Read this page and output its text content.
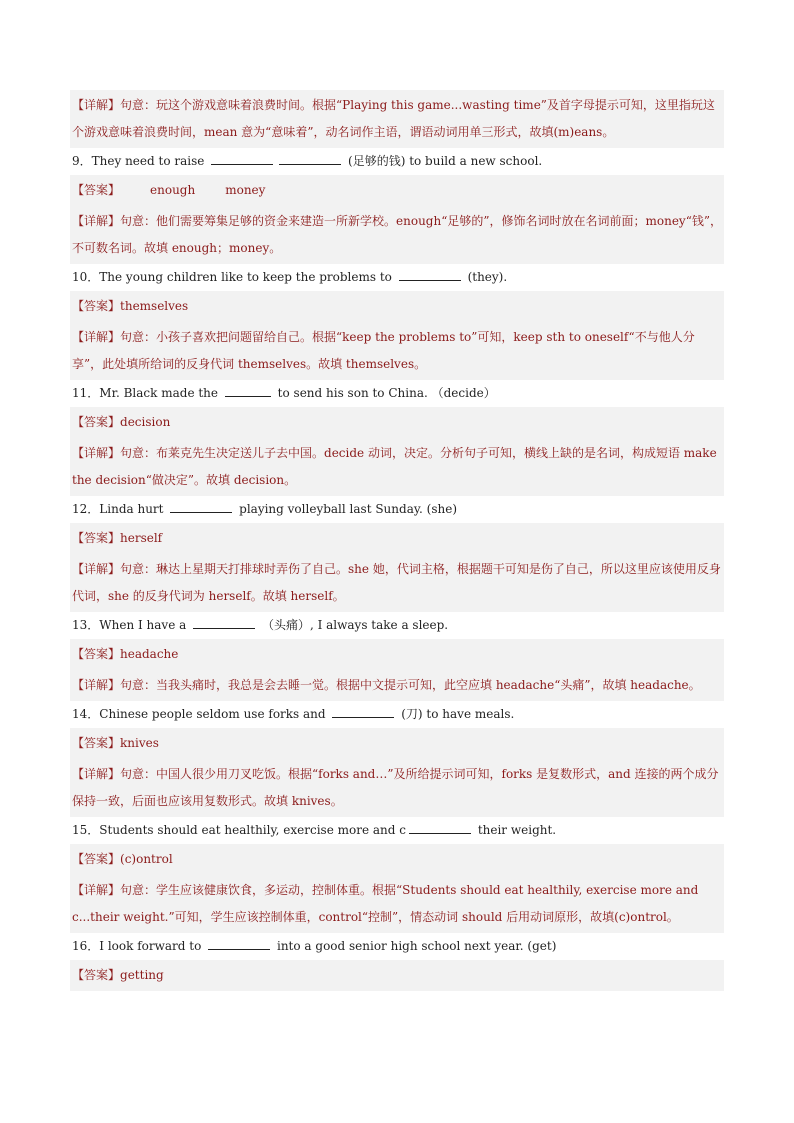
【详解】句意：玩这个游戏意味着浪费时间。根据“Playing this game...wasting time”及首字母提示可知，这里指玩这个游戏意味着浪费时间，mean 意为“意味着”，动名词作主语，谓语动词用单三形式，故填(m)eans。
9．They need to raise	(足够的钱) to build a new school.
【答案】	enough	money
【详解】句意：他们需要筹集足够的资金来建造一所新学校。enough“足够的”，修饰名词时放在名词前面；money“钱”，不可数名词。故填 enough；money。
10．The young children like to keep the problems to	(they).
【答案】themselves
【详解】句意：小孩子喜欢把问题留给自己。根据“keep the problems to”可知，keep sth to oneself“不与他人分享”，此处填所给词的反身代词 themselves。故填 themselves。
11．Mr. Black made the	to send his son to China. （decide）
【答案】decision
【详解】句意：布莱克先生决定送儿子去中国。decide 动词，决定。分析句子可知，横线上缺的是名词，构成短语 make the decision“做决定”。故填 decision。
12．Linda hurt	playing volleyball last Sunday. (she)
【答案】herself
【详解】句意：琳达上星期天打排球时弄伤了自己。she 她，代词主格，根据题干可知是伤了自己，所以这里应该使用反身代词，she 的反身代词为 herself。故填 herself。
13．When I have a	（头痛）, I always take a sleep.
【答案】headache
【详解】句意：当我头痛时，我总是会去睡一觉。根据中文提示可知，此空应填 headache“头痛”，故填 headache。
14．Chinese people seldom use forks and	(刀) to have meals.
【答案】knives
【详解】句意：中国人很少用刀叉吃饭。根据“forks and…”及所给提示词可知，forks 是复数形式，and 连接的两个成分保持一致，后面也应该用复数形式。故填 knives。
15．Students should eat healthily, exercise more and c	their weight.
【答案】(c)ontrol
【详解】句意：学生应该健康饮食，多运动，控制体重。根据“Students should eat healthily, exercise more and c...their weight.”可知，学生应该控制体重，control“控制”，情态动词 should 后用动词原形，故填(c)ontrol。
16．I look forward to	into a good senior high school next year. (get)
【答案】getting
